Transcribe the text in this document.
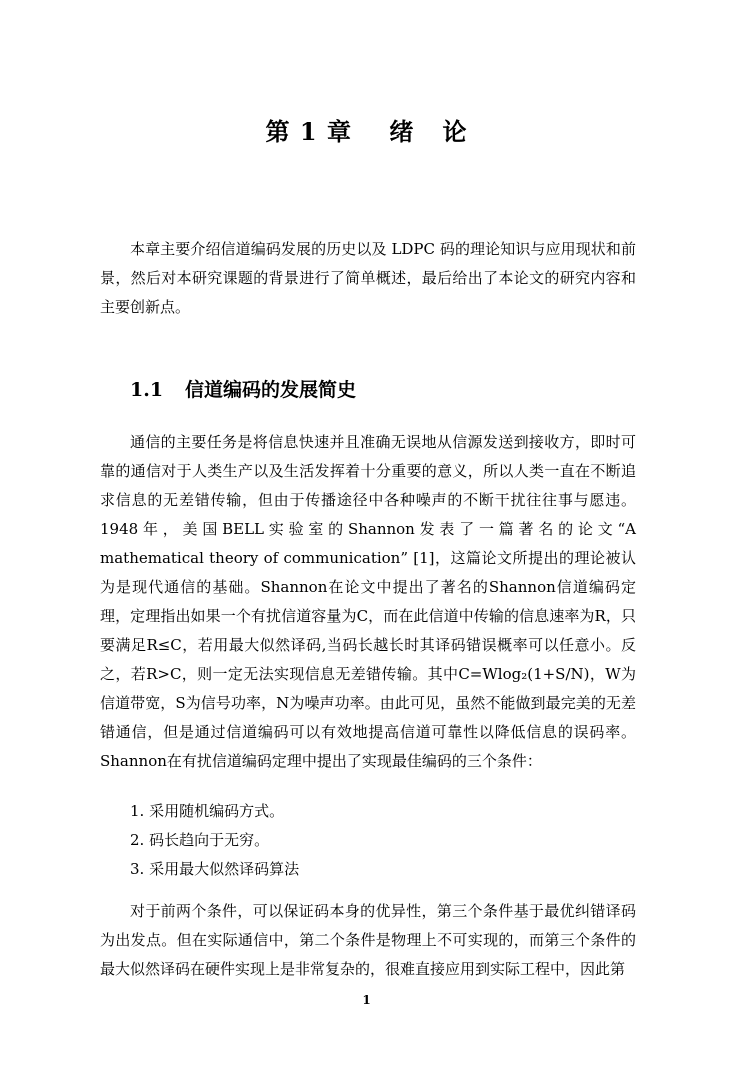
第 1 章    绪   论

本章主要介绍信道编码发展的历史以及 LDPC 码的理论知识与应用现状和前景，然后对本研究课题的背景进行了简单概述，最后给出了本论文的研究内容和主要创新点。

1.1 信道编码的发展简史

通信的主要任务是将信息快速并且准确无误地从信源发送到接收方，即时可靠的通信对于人类生产以及生活发挥着十分重要的意义，所以人类一直在不断追求信息的无差错传输，但由于传播途径中各种噪声的不断干扰往往事与愿违。1948年，美国BELL实验室的Shannon发表了一篇著名的论文“A mathematical theory of communication” [1]，这篇论文所提出的理论被认为是现代通信的基础。Shannon在论文中提出了著名的Shannon信道编码定理，定理指出如果一个有扰信道容量为C，而在此信道中传输的信息速率为R，只要满足R≤C，若用最大似然译码,当码长越长时其译码错误概率可以任意小。反之，若R>C，则一定无法实现信息无差错传输。其中C=Wlog₂(1+S/N)，W为信道带宽，S为信号功率，N为噪声功率。由此可见，虽然不能做到最完美的无差错通信，但是通过信道编码可以有效地提高信道可靠性以降低信息的误码率。Shannon在有扰信道编码定理中提出了实现最佳编码的三个条件：

1. 采用随机编码方式。
2. 码长趋向于无穷。
3. 采用最大似然译码算法

对于前两个条件，可以保证码本身的优异性，第三个条件基于最优纠错译码为出发点。但在实际通信中，第二个条件是物理上不可实现的，而第三个条件的最大似然译码在硬件实现上是非常复杂的，很难直接应用到实际工程中，因此第

1
